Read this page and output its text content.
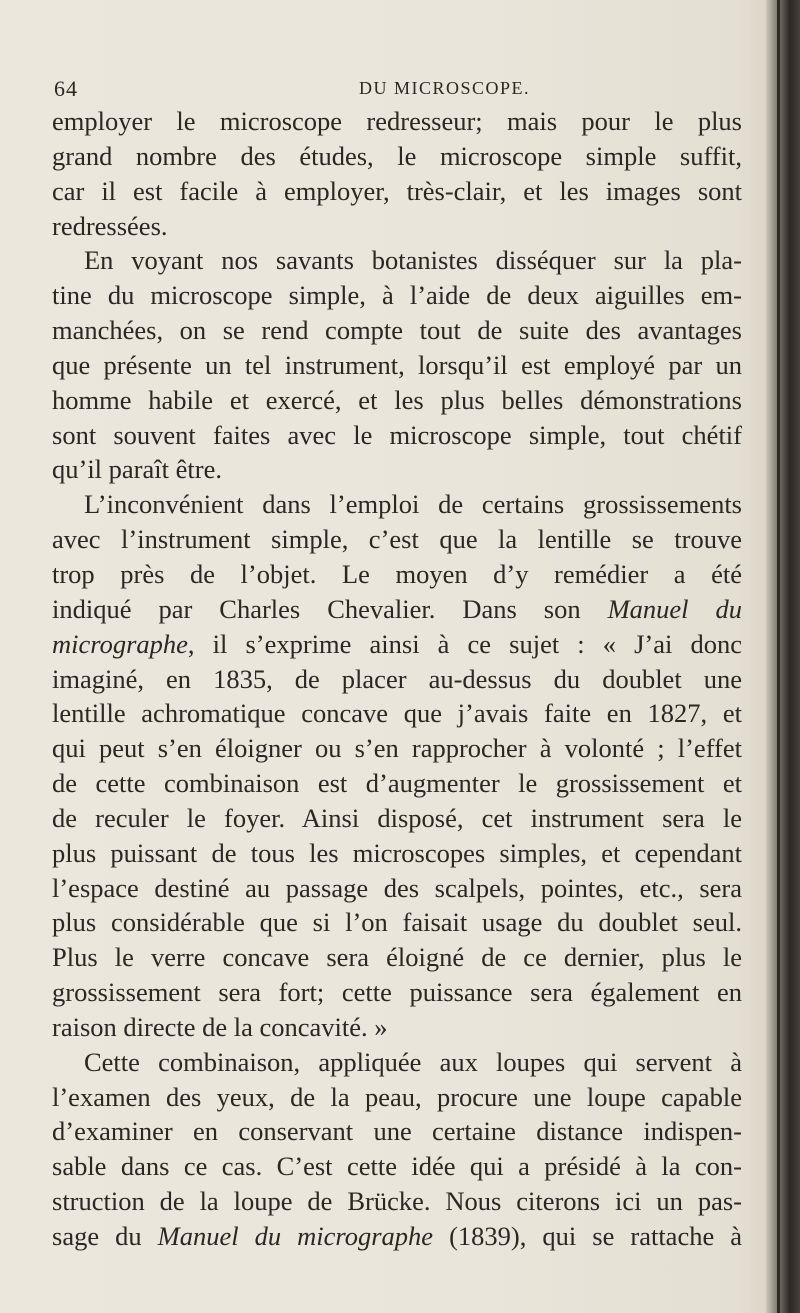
64	DU MICROSCOPE.
employer le microscope redresseur; mais pour le plus
grand nombre des études, le microscope simple suffit,
car il est facile à employer, très-clair, et les images sont
redressées.
En voyant nos savants botanistes disséquer sur la pla-
tine du microscope simple, à l’aide de deux aiguilles em-
manchées, on se rend compte tout de suite des avantages
que présente un tel instrument, lorsqu’il est employé par un
homme habile et exercé, et les plus belles démonstrations
sont souvent faites avec le microscope simple, tout chétif
qu’il paraît être.
L’inconvénient dans l’emploi de certains grossissements
avec l’instrument simple, c’est que la lentille se trouve
trop près de l’objet. Le moyen d’y remédier a été
indiqué par Charles Chevalier. Dans son Manuel du
micrographe, il s’exprime ainsi à ce sujet : « J’ai donc
imaginé, en 1835, de placer au-dessus du doublet une
lentille achromatique concave que j’avais faite en 1827, et
qui peut s’en éloigner ou s’en rapprocher à volonté ; l’effet
de cette combinaison est d’augmenter le grossissement et
de reculer le foyer. Ainsi disposé, cet instrument sera le
plus puissant de tous les microscopes simples, et cependant
l’espace destiné au passage des scalpels, pointes, etc., sera
plus considérable que si l’on faisait usage du doublet seul.
Plus le verre concave sera éloigné de ce dernier, plus le
grossissement sera fort; cette puissance sera également en
raison directe de la concavité. »
Cette combinaison, appliquée aux loupes qui servent à
l’examen des yeux, de la peau, procure une loupe capable
d’examiner en conservant une certaine distance indispen-
sable dans ce cas. C’est cette idée qui a présidé à la con-
struction de la loupe de Brücke. Nous citerons ici un pas-
sage du Manuel du micrographe (1839), qui se rattache à
